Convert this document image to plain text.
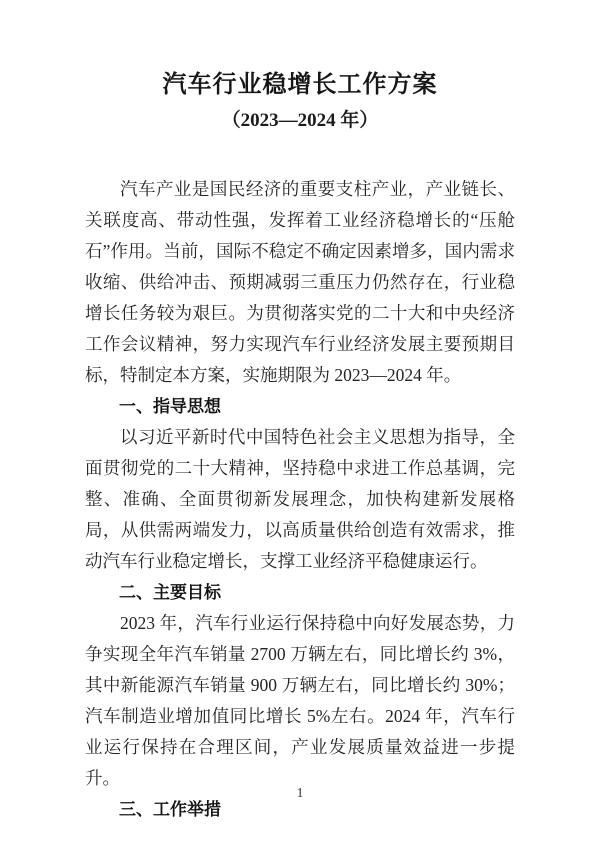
汽车行业稳增长工作方案
（2023—2024 年）

汽车产业是国民经济的重要支柱产业，产业链长、关联度高、带动性强，发挥着工业经济稳增长的“压舱石”作用。当前，国际不稳定不确定因素增多，国内需求收缩、供给冲击、预期减弱三重压力仍然存在，行业稳增长任务较为艰巨。为贯彻落实党的二十大和中央经济工作会议精神，努力实现汽车行业经济发展主要预期目标，特制定本方案，实施期限为 2023—2024 年。

一、指导思想

以习近平新时代中国特色社会主义思想为指导，全面贯彻党的二十大精神，坚持稳中求进工作总基调，完整、准确、全面贯彻新发展理念，加快构建新发展格局，从供需两端发力，以高质量供给创造有效需求，推动汽车行业稳定增长，支撑工业经济平稳健康运行。

二、主要目标

2023 年，汽车行业运行保持稳中向好发展态势，力争实现全年汽车销量 2700 万辆左右，同比增长约 3%，其中新能源汽车销量 900 万辆左右，同比增长约 30%；汽车制造业增加值同比增长 5%左右。2024 年，汽车行业运行保持在合理区间，产业发展质量效益进一步提升。

三、工作举措

1
